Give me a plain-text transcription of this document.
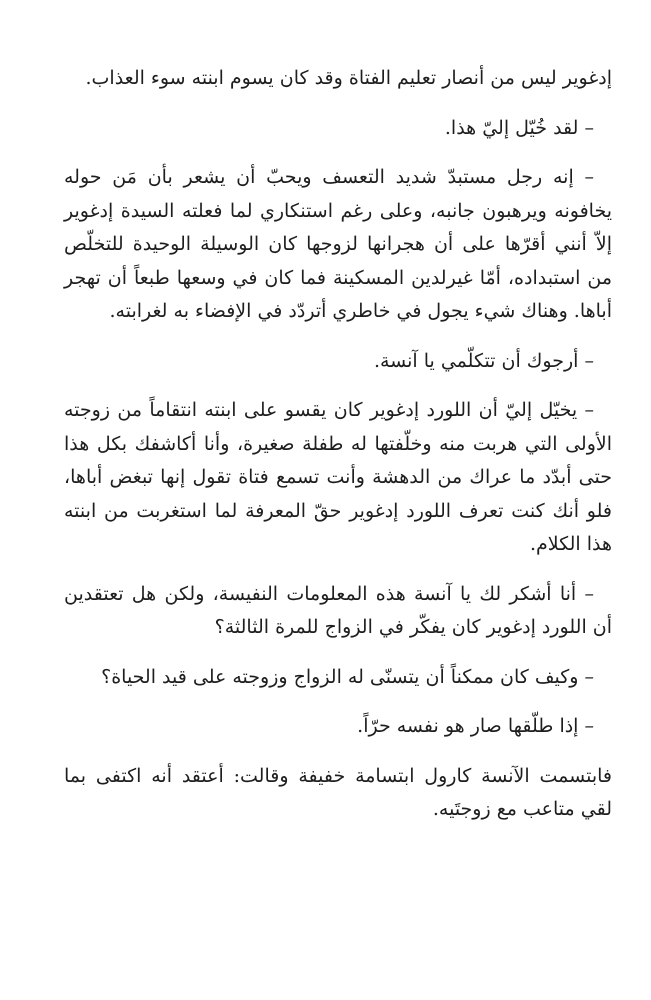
إدغوير ليس من أنصار تعليم الفتاة وقد كان يسوم ابنته سوء العذاب.

– لقد خُيّل إليّ هذا.

– إنه رجل مستبدّ شديد التعسف ويحبّ أن يشعر بأن مَن حوله يخافونه ويرهبون جانبه، وعلى رغم استنكاري لما فعلته السيدة إدغوير إلاّ أنني أقرّها على أن هجرانها لزوجها كان الوسيلة الوحيدة للتخلّص من استبداده، أمّا غيرلدين المسكينة فما كان في وسعها طبعاً أن تهجر أباها. وهناك شيء يجول في خاطري أتردّد في الإفضاء به لغرابته.

– أرجوك أن تتكلّمي يا آنسة.

– يخيّل إليّ أن اللورد إدغوير كان يقسو على ابنته انتقاماً من زوجته الأولى التي هربت منه وخلّفتها له طفلة صغيرة، وأنا أكاشفك بكل هذا حتى أبدّد ما عراك من الدهشة وأنت تسمع فتاة تقول إنها تبغض أباها، فلو أنك كنت تعرف اللورد إدغوير حقّ المعرفة لما استغربت من ابنته هذا الكلام.

– أنا أشكر لك يا آنسة هذه المعلومات النفيسة، ولكن هل تعتقدين أن اللورد إدغوير كان يفكّر في الزواج للمرة الثالثة؟

– وكيف كان ممكناً أن يتسنّى له الزواج وزوجته على قيد الحياة؟

– إذا طلّقها صار هو نفسه حرّاً.

فابتسمت الآنسة كارول ابتسامة خفيفة وقالت: أعتقد أنه اكتفى بما لقي متاعب مع زوجتَيه.
